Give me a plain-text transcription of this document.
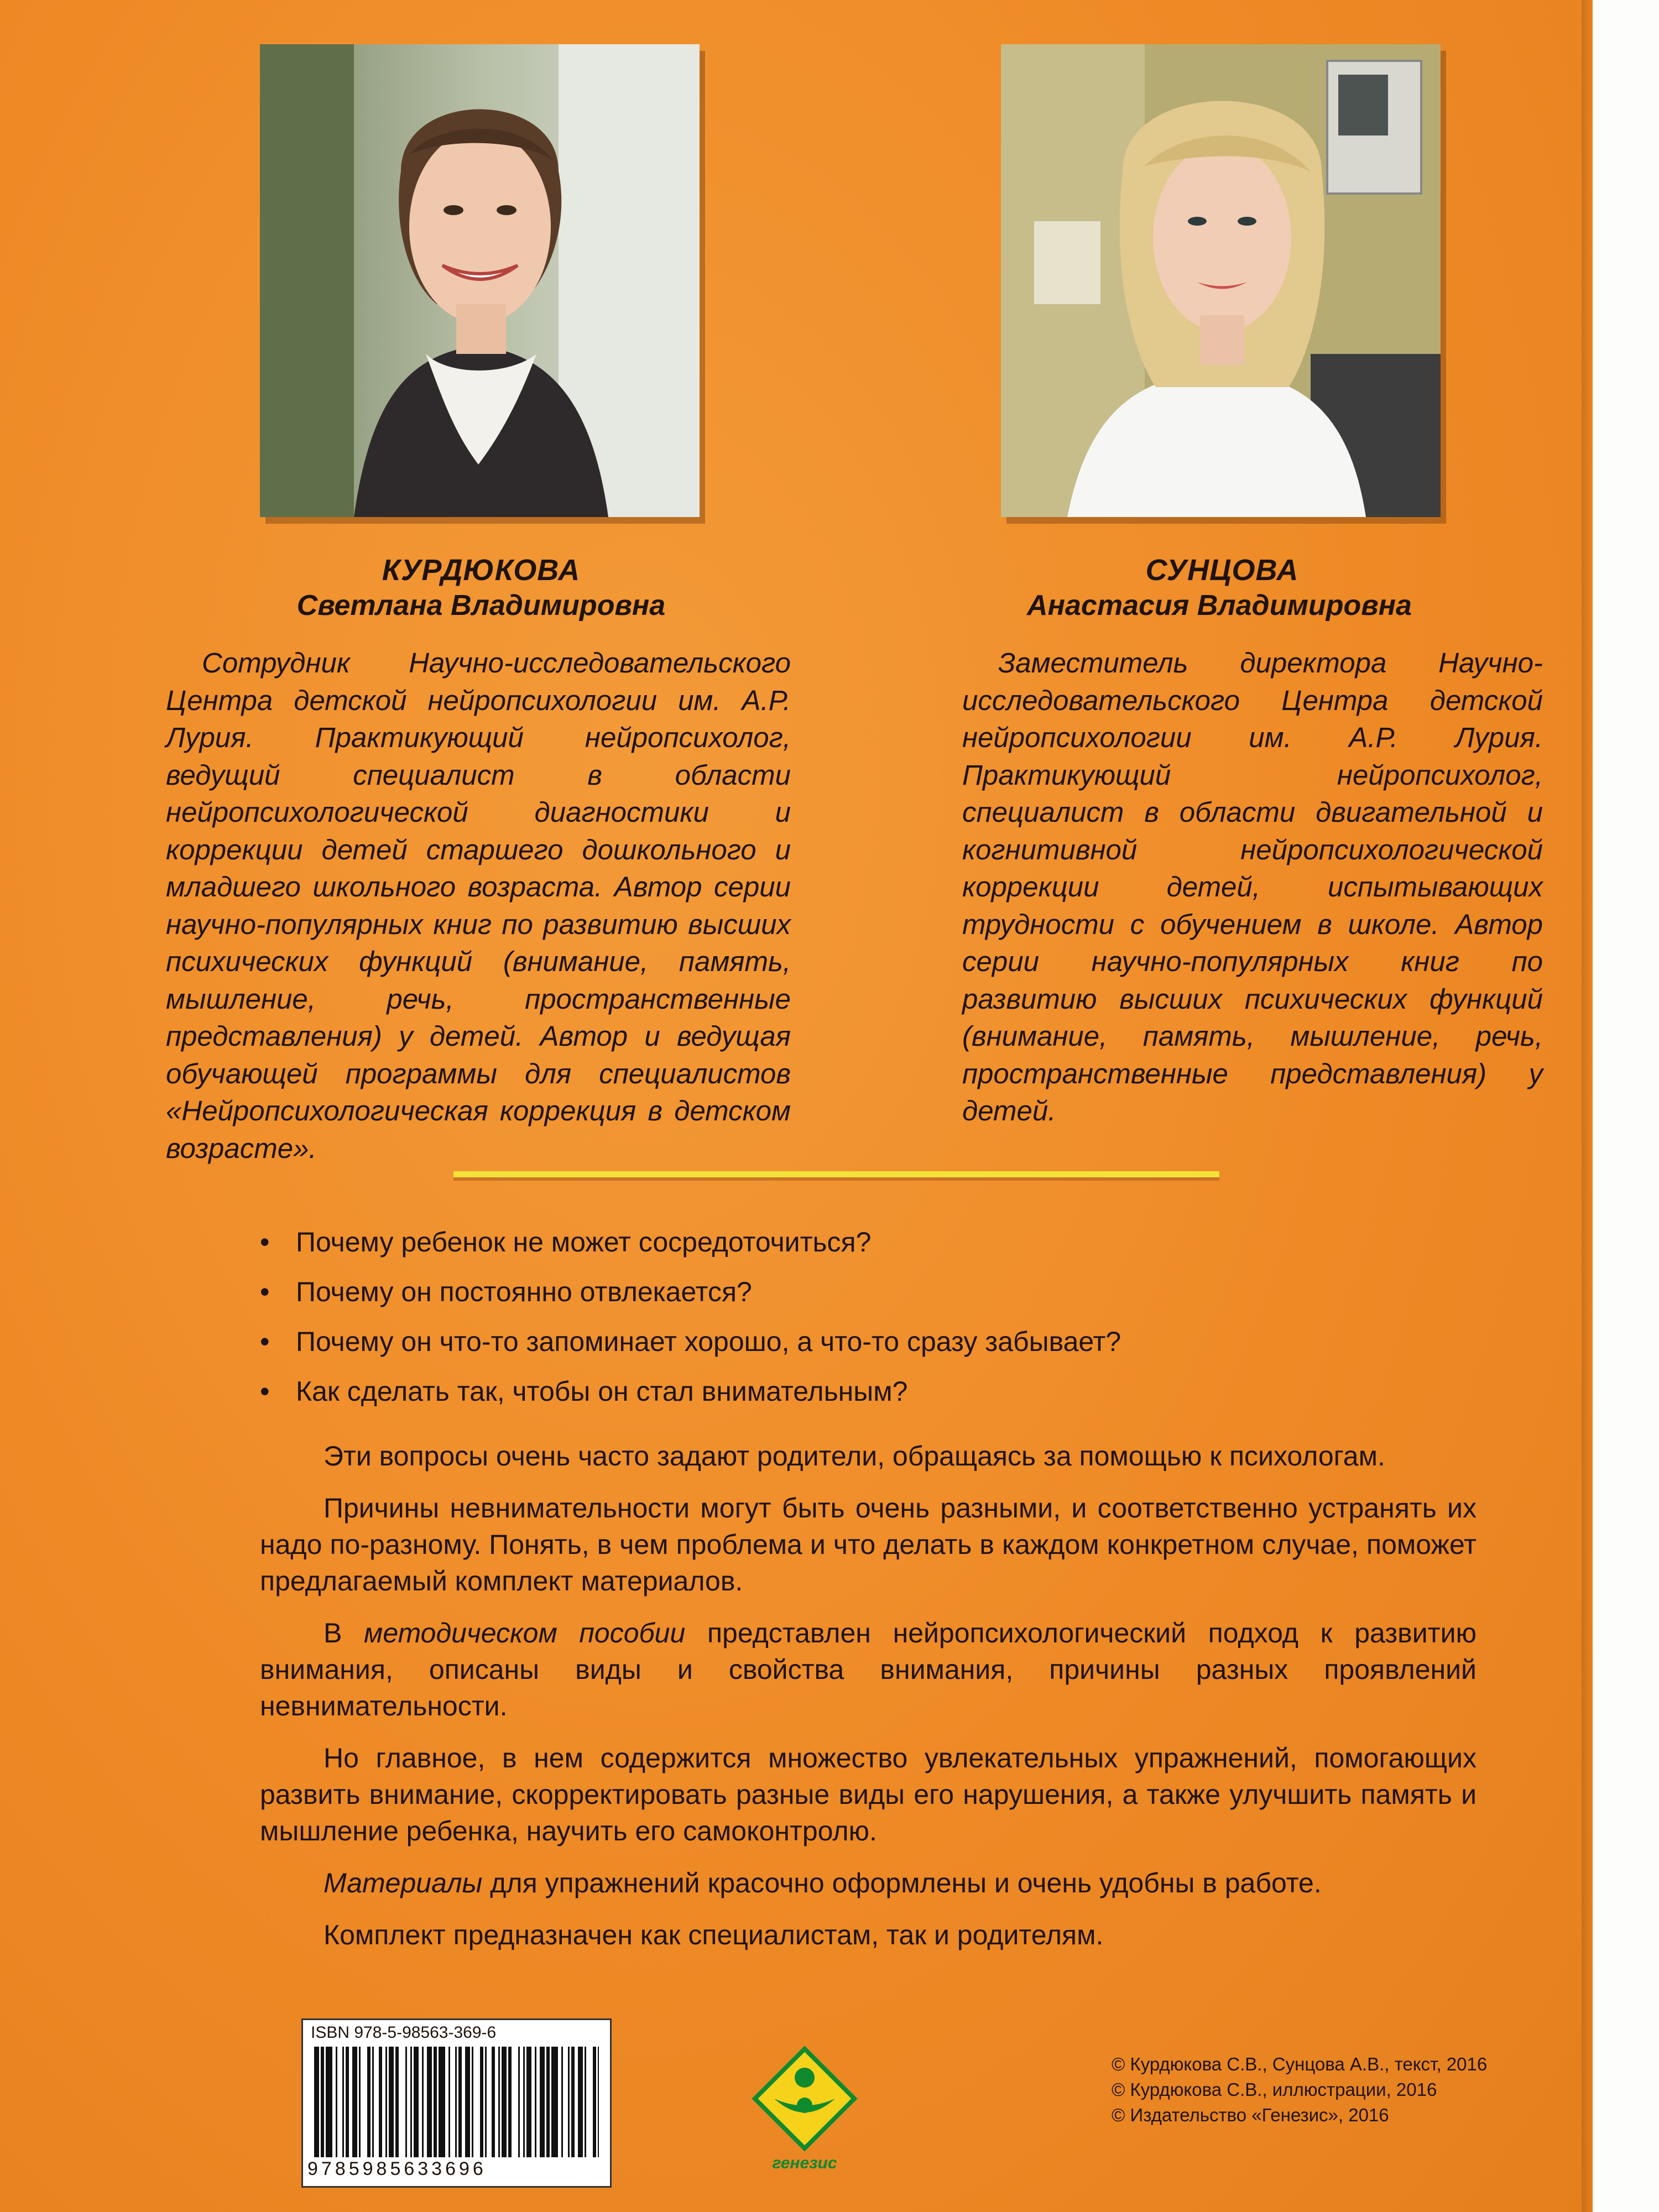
КУРДЮКОВА
Светлана Владимировна
СУНЦОВА
Анастасия Владимировна
Сотрудник Научно-исследовательского Центра детской нейропсихологии им. А.Р. Лурия. Практикующий нейропсихолог, ведущий специалист в области нейропсихологической диагностики и коррекции детей старшего дошкольного и младшего школьного возраста. Автор серии научно-популярных книг по развитию высших психических функций (внимание, память, мышление, речь, пространственные представления) у детей. Автор и ведущая обучающей программы для специалистов «Нейропсихологическая коррекция в детском возрасте».
Заместитель директора Научно-исследовательского Центра детской нейропсихологии им. А.Р. Лурия. Практикующий нейропсихолог, специалист в области двигательной и когнитивной нейропсихологической коррекции детей, испытывающих трудности с обучением в школе. Автор серии научно-популярных книг по развитию высших психических функций (внимание, память, мышление, речь, пространственные представления) у детей.
• Почему ребенок не может сосредоточиться?
• Почему он постоянно отвлекается?
• Почему он что-то запоминает хорошо, а что-то сразу забывает?
• Как сделать так, чтобы он стал внимательным?

Эти вопросы очень часто задают родители, обращаясь за помощью к психологам.

Причины невнимательности могут быть очень разными, и соответственно устранять их надо по-разному. Понять, в чем проблема и что делать в каждом конкретном случае, поможет предлагаемый комплект материалов.

В методическом пособии представлен нейропсихологический подход к развитию внимания, описаны виды и свойства внимания, причины разных проявлений невнимательности.

Но главное, в нем содержится множество увлекательных упражнений, помогающих развить внимание, скорректировать разные виды его нарушения, а также улучшить память и мышление ребенка, научить его самоконтролю.

Материалы для упражнений красочно оформлены и очень удобны в работе.

Комплект предназначен как специалистам, так и родителям.

ISBN 978-5-98563-369-6
9785985633696	генезис
© Курдюкова С.В., Сунцова А.В., текст, 2016
© Курдюкова С.В., иллюстрации, 2016
© Издательство «Генезис», 2016
